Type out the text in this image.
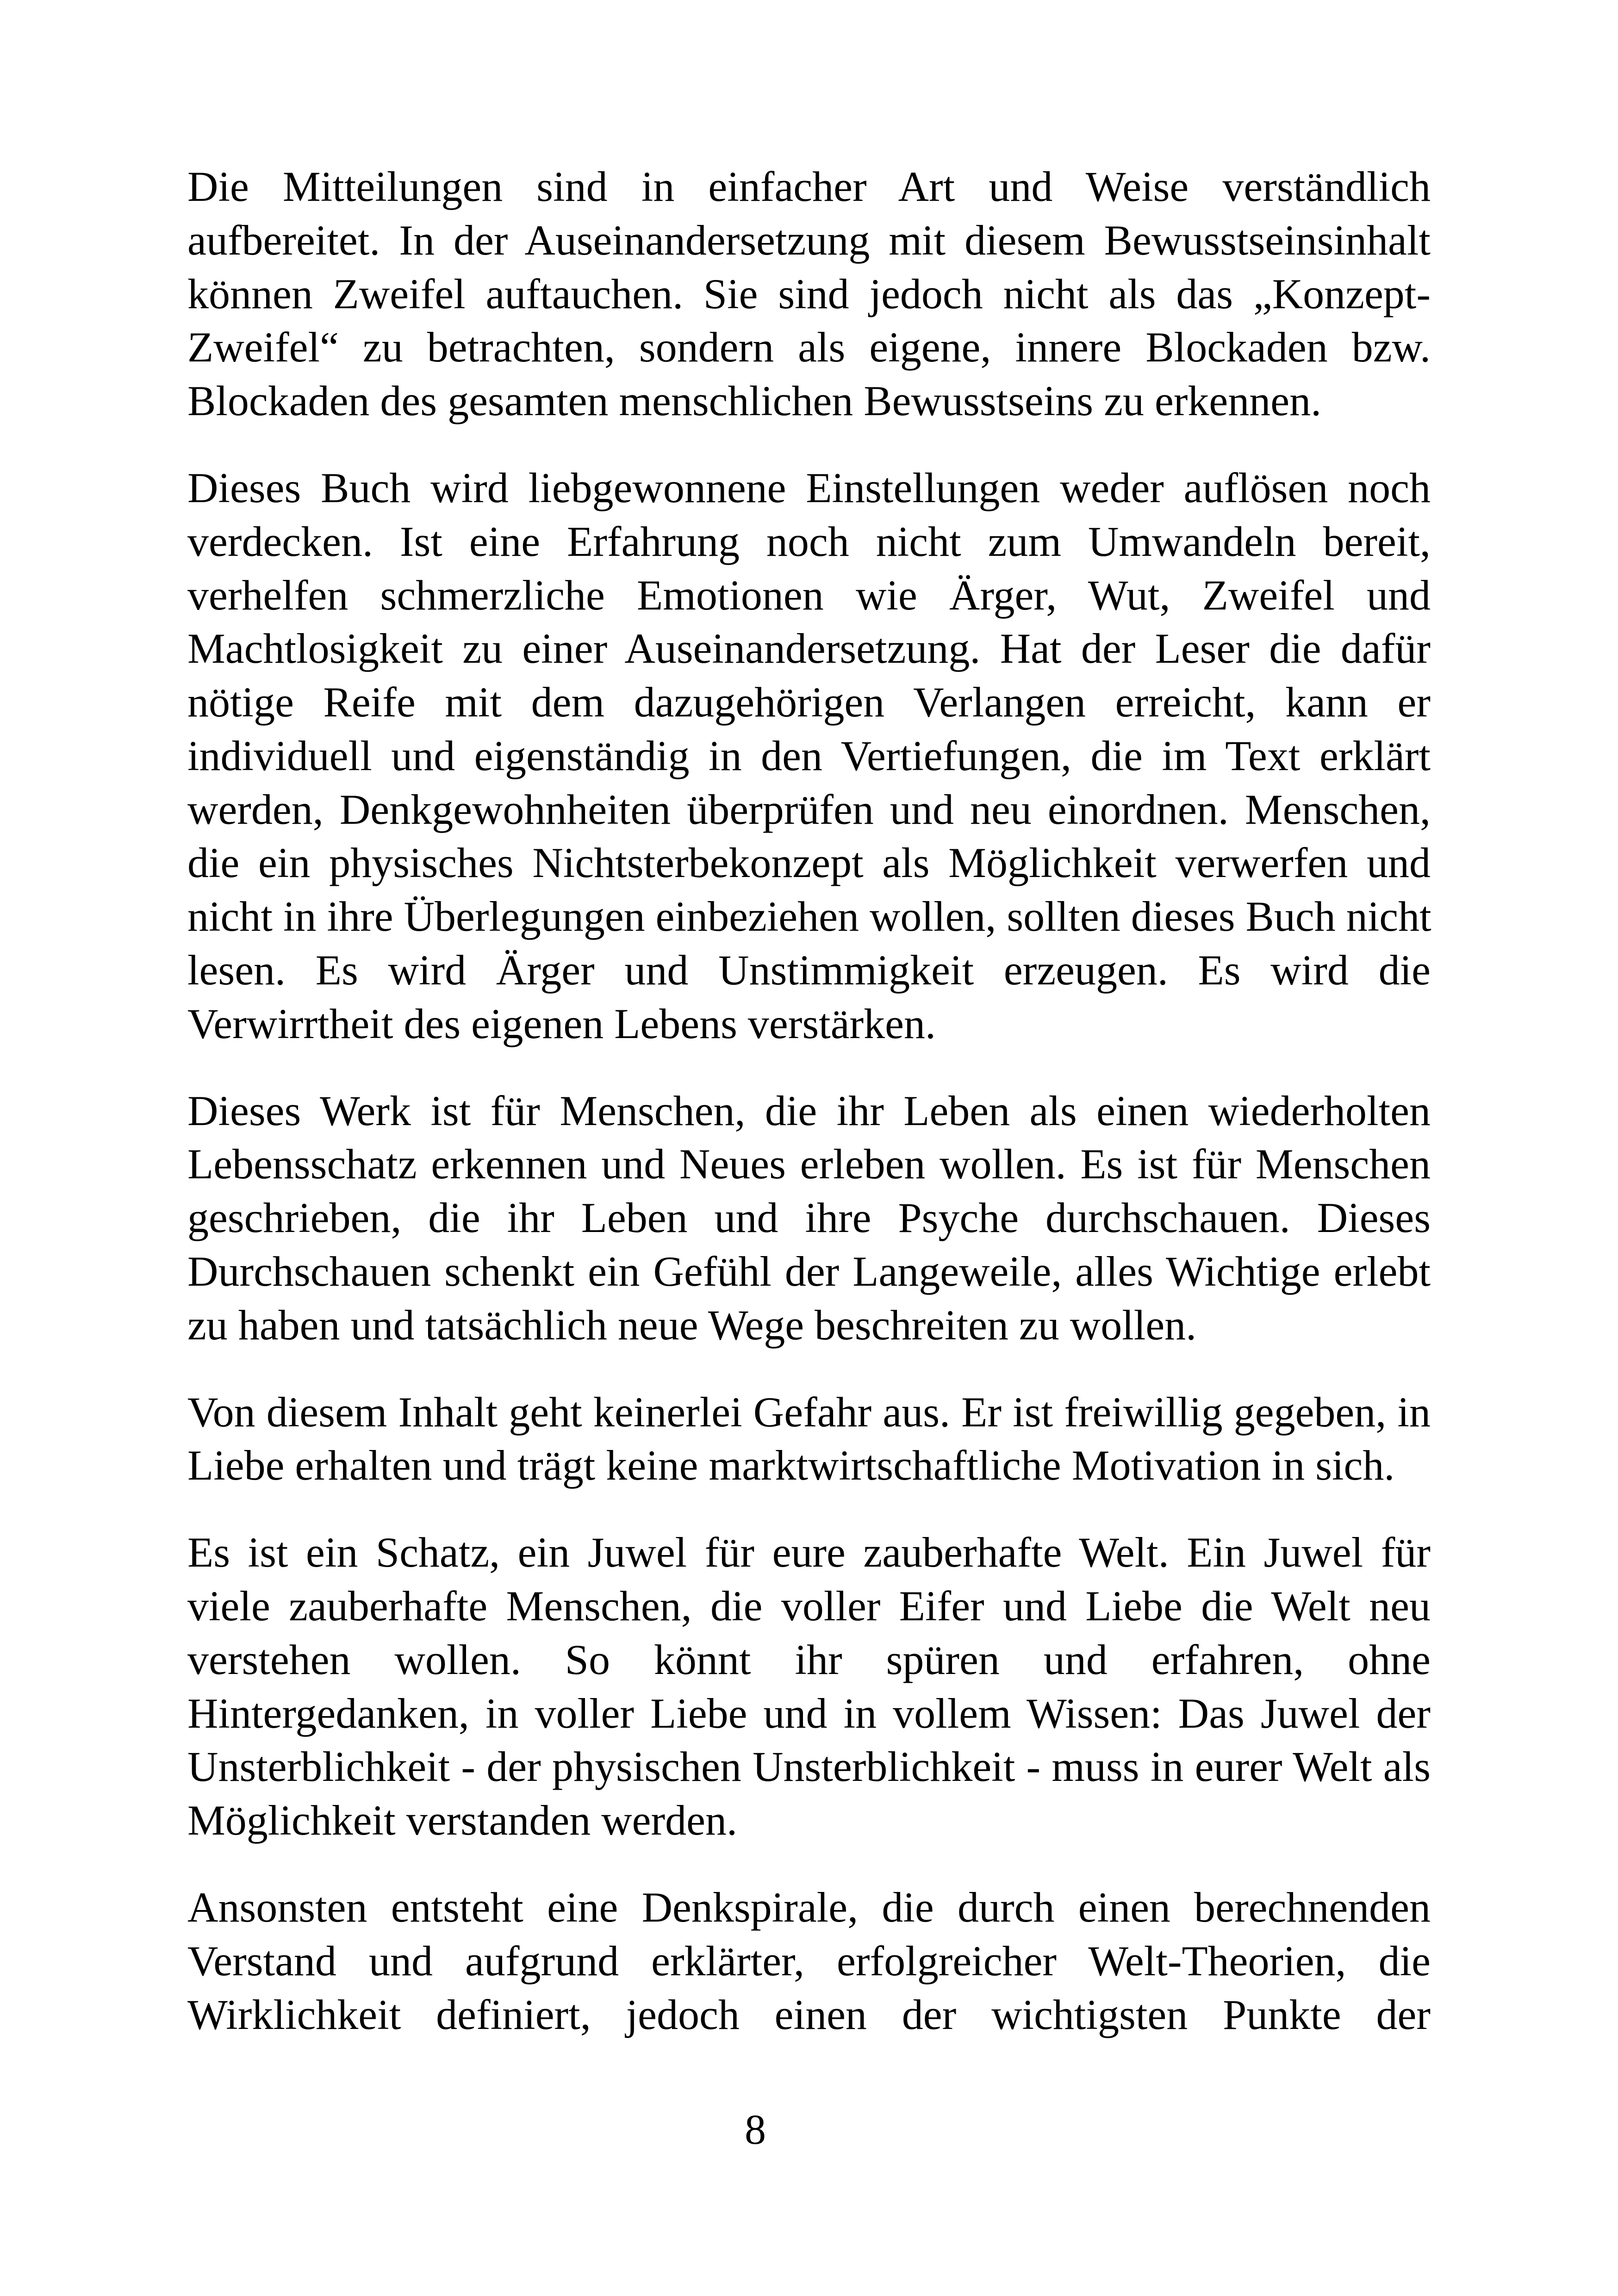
Die Mitteilungen sind in einfacher Art und Weise verständlich
aufbereitet. In der Auseinandersetzung mit diesem Bewusstseinsinhalt
können Zweifel auftauchen. Sie sind jedoch nicht als das „Konzept-
Zweifel“ zu betrachten, sondern als eigene, innere Blockaden bzw.
Blockaden des gesamten menschlichen Bewusstseins zu erkennen.

Dieses Buch wird liebgewonnene Einstellungen weder auflösen noch
verdecken. Ist eine Erfahrung noch nicht zum Umwandeln bereit,
verhelfen schmerzliche Emotionen wie Ärger, Wut, Zweifel und
Machtlosigkeit zu einer Auseinandersetzung. Hat der Leser die dafür
nötige Reife mit dem dazugehörigen Verlangen erreicht, kann er
individuell und eigenständig in den Vertiefungen, die im Text erklärt
werden, Denkgewohnheiten überprüfen und neu einordnen. Menschen,
die ein physisches Nichtsterbekonzept als Möglichkeit verwerfen und
nicht in ihre Überlegungen einbeziehen wollen, sollten dieses Buch nicht
lesen. Es wird Ärger und Unstimmigkeit erzeugen. Es wird die
Verwirrtheit des eigenen Lebens verstärken.

Dieses Werk ist für Menschen, die ihr Leben als einen wiederholten
Lebensschatz erkennen und Neues erleben wollen. Es ist für Menschen
geschrieben, die ihr Leben und ihre Psyche durchschauen. Dieses
Durchschauen schenkt ein Gefühl der Langeweile, alles Wichtige erlebt
zu haben und tatsächlich neue Wege beschreiten zu wollen.

Von diesem Inhalt geht keinerlei Gefahr aus. Er ist freiwillig gegeben, in
Liebe erhalten und trägt keine marktwirtschaftliche Motivation in sich.

Es ist ein Schatz, ein Juwel für eure zauberhafte Welt. Ein Juwel für
viele zauberhafte Menschen, die voller Eifer und Liebe die Welt neu
verstehen wollen. So könnt ihr spüren und erfahren, ohne
Hintergedanken, in voller Liebe und in vollem Wissen: Das Juwel der
Unsterblichkeit - der physischen Unsterblichkeit - muss in eurer Welt als
Möglichkeit verstanden werden.

Ansonsten entsteht eine Denkspirale, die durch einen berechnenden
Verstand und aufgrund erklärter, erfolgreicher Welt-Theorien, die
Wirklichkeit definiert, jedoch einen der wichtigsten Punkte der

8
